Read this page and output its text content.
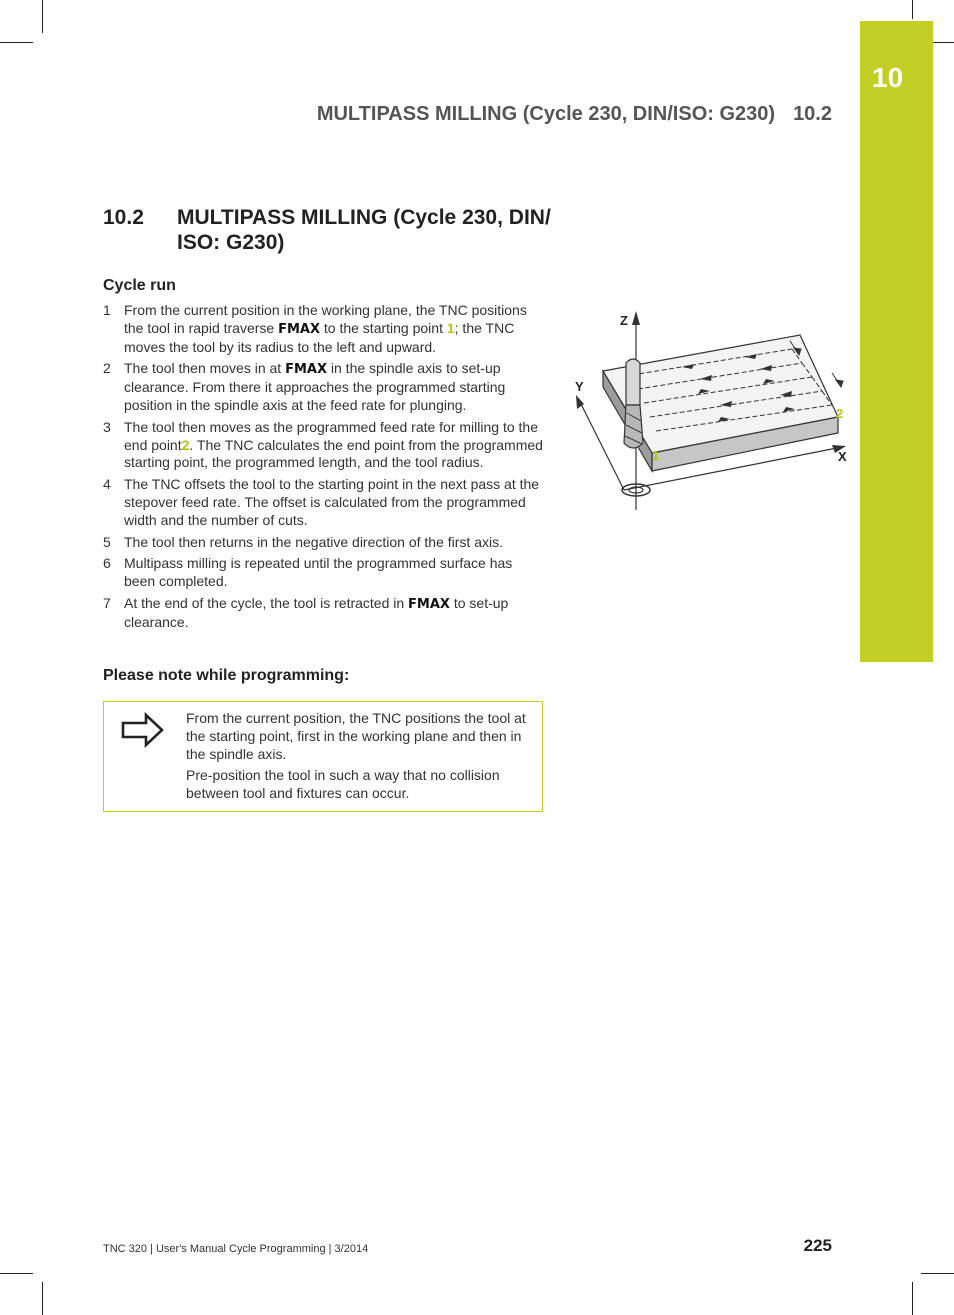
10
MULTIPASS MILLING (Cycle 230, DIN/ISO: G230) 10.2
10.2 MULTIPASS MILLING (Cycle 230, DIN/ ISO: G230)
Cycle run
1 From the current position in the working plane, the TNC positions the tool in rapid traverse FMAX to the starting point 1; the TNC moves the tool by its radius to the left and upward.
2 The tool then moves in at FMAX in the spindle axis to set-up clearance. From there it approaches the programmed starting position in the spindle axis at the feed rate for plunging.
3 The tool then moves as the programmed feed rate for milling to the end point2. The TNC calculates the end point from the programmed starting point, the programmed length, and the tool radius.
4 The TNC offsets the tool to the starting point in the next pass at the stepover feed rate. The offset is calculated from the programmed width and the number of cuts.
5 The tool then returns in the negative direction of the first axis.
6 Multipass milling is repeated until the programmed surface has been completed.
7 At the end of the cycle, the tool is retracted in FMAX to set-up clearance.
Please note while programming:

From the current position, the TNC positions the tool at the starting point, first in the working plane and then in the spindle axis.

Pre-position the tool in such a way that no collision between tool and fixtures can occur.

Z
Y
X
1
2
TNC 320 | User's Manual Cycle Programming | 3/2014	225
